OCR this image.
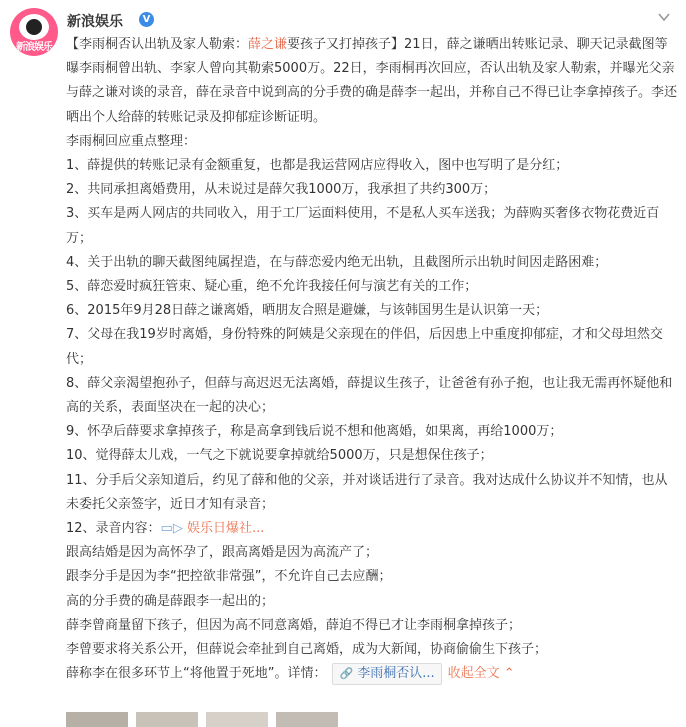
新浪娱乐
新浪娱乐	V

【李雨桐否认出轨及家人勒索：薛之谦要孩子又打掉孩子】21日，薛之谦晒出转账记录、聊天记录截图等曝李雨桐曾出轨、李家人曾向其勒索5000万。22日，李雨桐再次回应，否认出轨及家人勒索，并曝光父亲与薛之谦对谈的录音，薛在录音中说到高的分手费的确是薛李一起出，并称自己不得已让李拿掉孩子。李还晒出个人给薛的转账记录及抑郁症诊断证明。

李雨桐回应重点整理：

1、薛提供的转账记录有金额重复，也都是我运营网店应得收入，图中也写明了是分红；

2、共同承担离婚费用，从未说过是薛欠我1000万，我承担了共约300万；

3、买车是两人网店的共同收入，用于工厂运面料使用，不是私人买车送我；为薛购买奢侈衣物花费近百万；

4、关于出轨的聊天截图纯属捏造，在与薛恋爱内绝无出轨，且截图所示出轨时间因走路困难；

5、薛恋爱时疯狂管束、疑心重，绝不允许我接任何与演艺有关的工作；

6、2015年9月28日薛之谦离婚，晒朋友合照是避嫌，与该韩国男生是认识第一天；

7、父母在我19岁时离婚，身份特殊的阿姨是父亲现在的伴侣，后因患上中重度抑郁症，才和父母坦然交代；

8、薛父亲渴望抱孙子，但薛与高迟迟无法离婚，薛提议生孩子，让爸爸有孙子抱，也让我无需再怀疑他和高的关系，表面坚决在一起的决心；

9、怀孕后薛要求拿掉孩子，称是高拿到钱后说不想和他离婚，如果离，再给1000万；

10、觉得薛太儿戏，一气之下就说要拿掉就给5000万，只是想保住孩子；

11、分手后父亲知道后，约见了薛和他的父亲，并对谈话进行了录音。我对达成什么协议并不知情，也从未委托父亲签字，近日才知有录音；

12、录音内容：▭▷ 娱乐日爆社...

跟高结婚是因为高怀孕了，跟高离婚是因为高流产了；

跟李分手是因为李“把控欲非常强”，不允许自己去应酬；

高的分手费的确是薛跟李一起出的；

薛李曾商量留下孩子，但因为高不同意离婚，薛迫不得已才让李雨桐拿掉孩子；

李曾要求将关系公开，但薛说会牵扯到自己离婚，成为大新闻，协商偷偷生下孩子；

薛称李在很多环节上“将他置于死地”。详情： 🔗 李雨桐否认... 收起全文 ⌃
